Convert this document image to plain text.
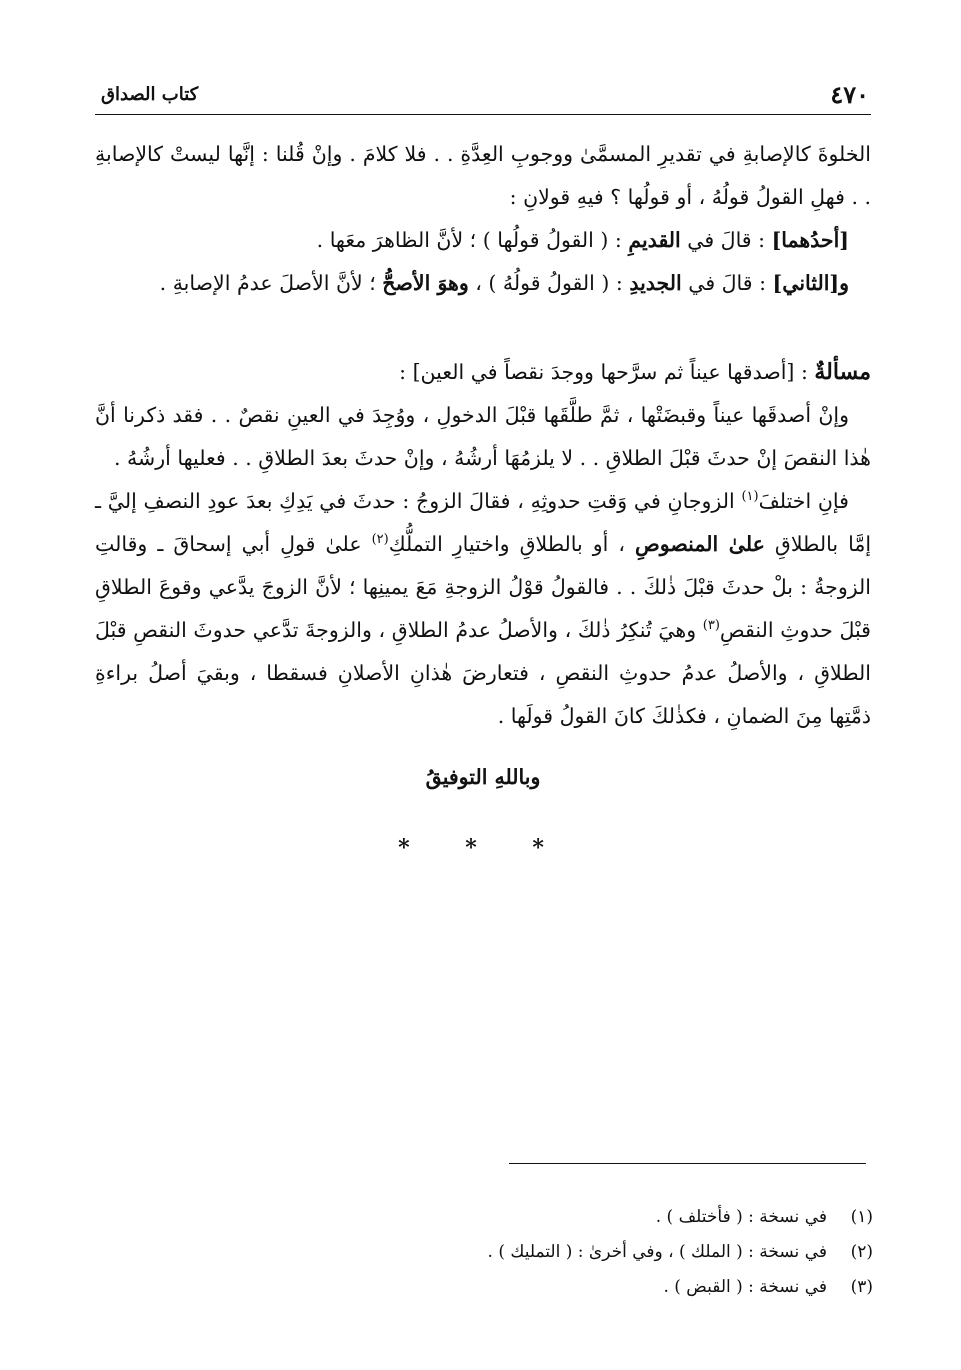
٤٧٠
كتاب الصداق

الخلوةَ كالإصابةِ في تقديرِ المسمَّىٰ ووجوبِ العِدَّةِ . . فلا كلامَ . وإنْ قُلنا : إنَّها ليستْ كالإصابةِ . . فهلِ القولُ قولُهُ ، أو قولُها ؟ فيهِ قولانِ :

[أحدُهما] : قالَ في القديمِ : ( القولُ قولُها ) ؛ لأنَّ الظاهرَ معَها .

و[الثاني] : قالَ في الجديدِ : ( القولُ قولُهُ ) ، وهوَ الأصحُّ ؛ لأنَّ الأصلَ عدمُ الإصابةِ .

مسألةٌ : [أصدقها عيناً ثم سرَّحها ووجدَ نقصاً في العين] :

وإنْ أصدقَها عيناً وقبضَتْها ، ثمَّ طلَّقَها قبْلَ الدخولِ ، ووُجِدَ في العينِ نقصٌ . . فقد ذكرنا أنَّ هٰذا النقصَ إنْ حدثَ قبْلَ الطلاقِ . . لا يلزمُهَا أرشُهُ ، وإنْ حدثَ بعدَ الطلاقِ . . فعليها أرشُهُ .

فإنِ اختلفَ$^{(١)}$ الزوجانِ في وَقتِ حدوثِهِ ، فقالَ الزوجُ : حدثَ في يَدِكِ بعدَ عودِ النصفِ إليَّ ـ إمَّا بالطلاقِ علىٰ المنصوصِ ، أو بالطلاقِ واختيارِ التملُّكِ$^{(٢)}$ علىٰ قولِ أبي إسحاقَ ـ وقالتِ الزوجةُ : بلْ حدثَ قبْلَ ذٰلكَ . . فالقولُ قوْلُ الزوجةِ مَعَ يمينِها ؛ لأنَّ الزوجَ يدَّعي وقوعَ الطلاقِ قبْلَ حدوثِ النقصِ$^{(٣)}$ وهيَ تُنكِرُ ذٰلكَ ، والأصلُ عدمُ الطلاقِ ، والزوجةَ تدَّعي حدوثَ النقصِ قبْلَ الطلاقِ ، والأصلُ عدمُ حدوثِ النقصِ ، فتعارضَ هٰذانِ الأصلانِ فسقطا ، وبقيَ أصلُ براءةِ ذمَّتِها مِنَ الضمانِ ، فكذٰلكَ كانَ القولُ قولَها .

وباللهِ التوفيقُ

* * *
(١)في نسخة : ( فأختلف ) .
(٢)في نسخة : ( الملك ) ، وفي أخرىٰ : ( التمليك ) .
(٣)في نسخة : ( القبض ) .
